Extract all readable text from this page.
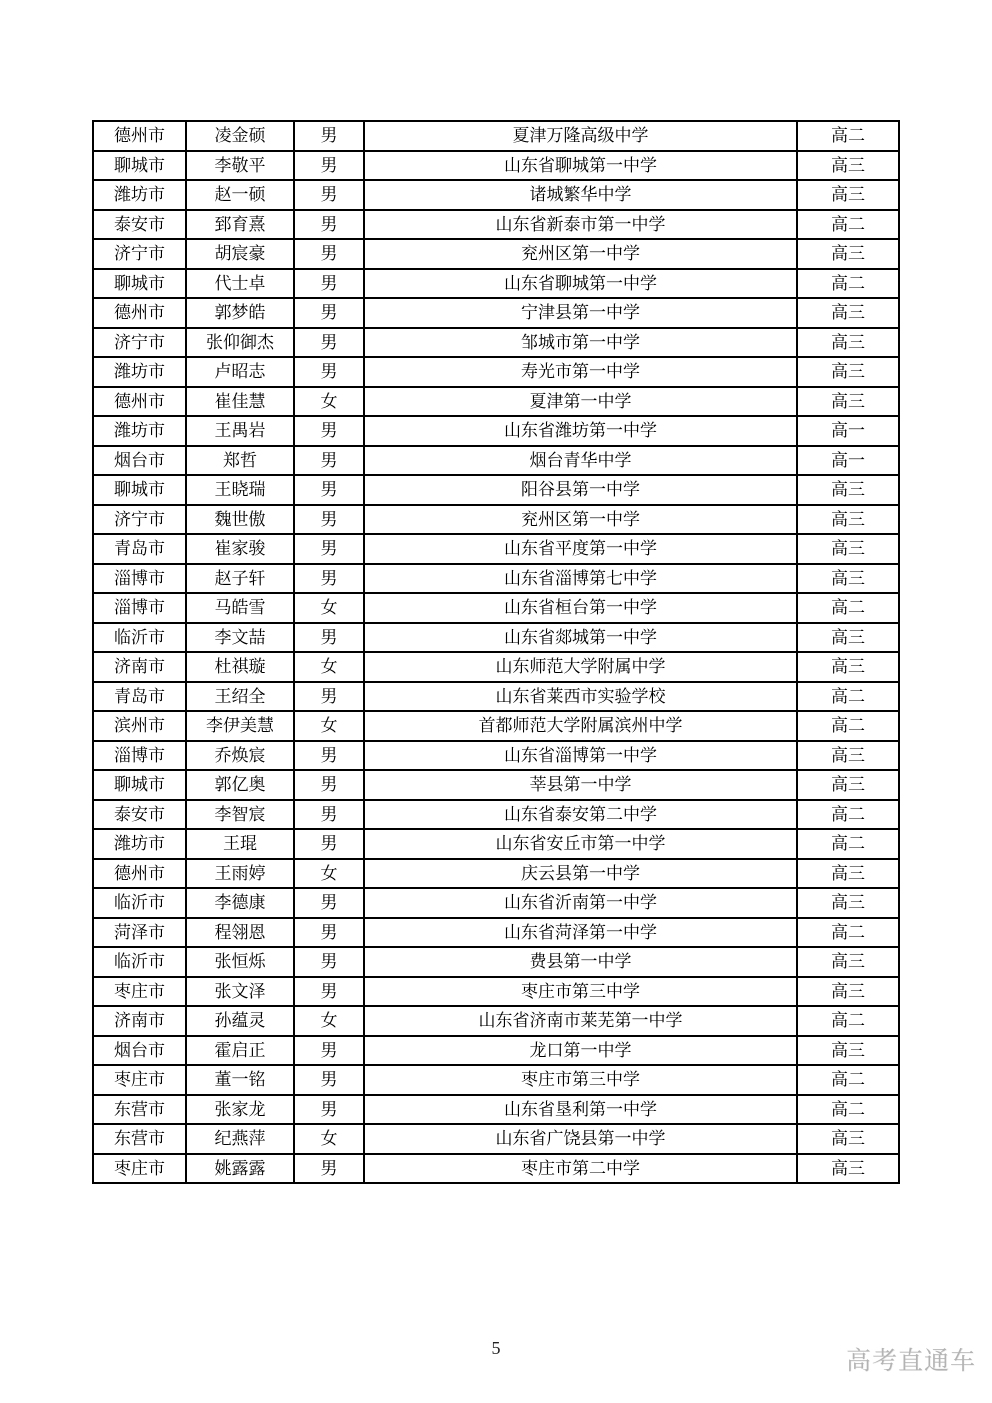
德州市	凌金硕	男	夏津万隆高级中学	高二
聊城市	李敬平	男	山东省聊城第一中学	高三
潍坊市	赵一硕	男	诸城繁华中学	高三
泰安市	郅育熹	男	山东省新泰市第一中学	高二
济宁市	胡宸豪	男	兖州区第一中学	高三
聊城市	代士卓	男	山东省聊城第一中学	高二
德州市	郭梦皓	男	宁津县第一中学	高三
济宁市	张仰御杰	男	邹城市第一中学	高三
潍坊市	卢昭志	男	寿光市第一中学	高三
德州市	崔佳慧	女	夏津第一中学	高三
潍坊市	王禺岩	男	山东省潍坊第一中学	高一
烟台市	郑哲	男	烟台青华中学	高一
聊城市	王晓瑞	男	阳谷县第一中学	高三
济宁市	魏世傲	男	兖州区第一中学	高三
青岛市	崔家骏	男	山东省平度第一中学	高三
淄博市	赵子轩	男	山东省淄博第七中学	高三
淄博市	马皓雪	女	山东省桓台第一中学	高二
临沂市	李文喆	男	山东省郯城第一中学	高三
济南市	杜祺璇	女	山东师范大学附属中学	高三
青岛市	王绍全	男	山东省莱西市实验学校	高二
滨州市	李伊美慧	女	首都师范大学附属滨州中学	高二
淄博市	乔焕宸	男	山东省淄博第一中学	高三
聊城市	郭亿奥	男	莘县第一中学	高三
泰安市	李智宸	男	山东省泰安第二中学	高二
潍坊市	王琨	男	山东省安丘市第一中学	高二
德州市	王雨婷	女	庆云县第一中学	高三
临沂市	李德康	男	山东省沂南第一中学	高三
菏泽市	程翎恩	男	山东省菏泽第一中学	高二
临沂市	张恒烁	男	费县第一中学	高三
枣庄市	张文泽	男	枣庄市第三中学	高三
济南市	孙蕴灵	女	山东省济南市莱芜第一中学	高二
烟台市	霍启正	男	龙口第一中学	高三
枣庄市	董一铭	男	枣庄市第三中学	高二
东营市	张家龙	男	山东省垦利第一中学	高二
东营市	纪燕萍	女	山东省广饶县第一中学	高三
枣庄市	姚露露	男	枣庄市第二中学	高三
5	高考直通车
